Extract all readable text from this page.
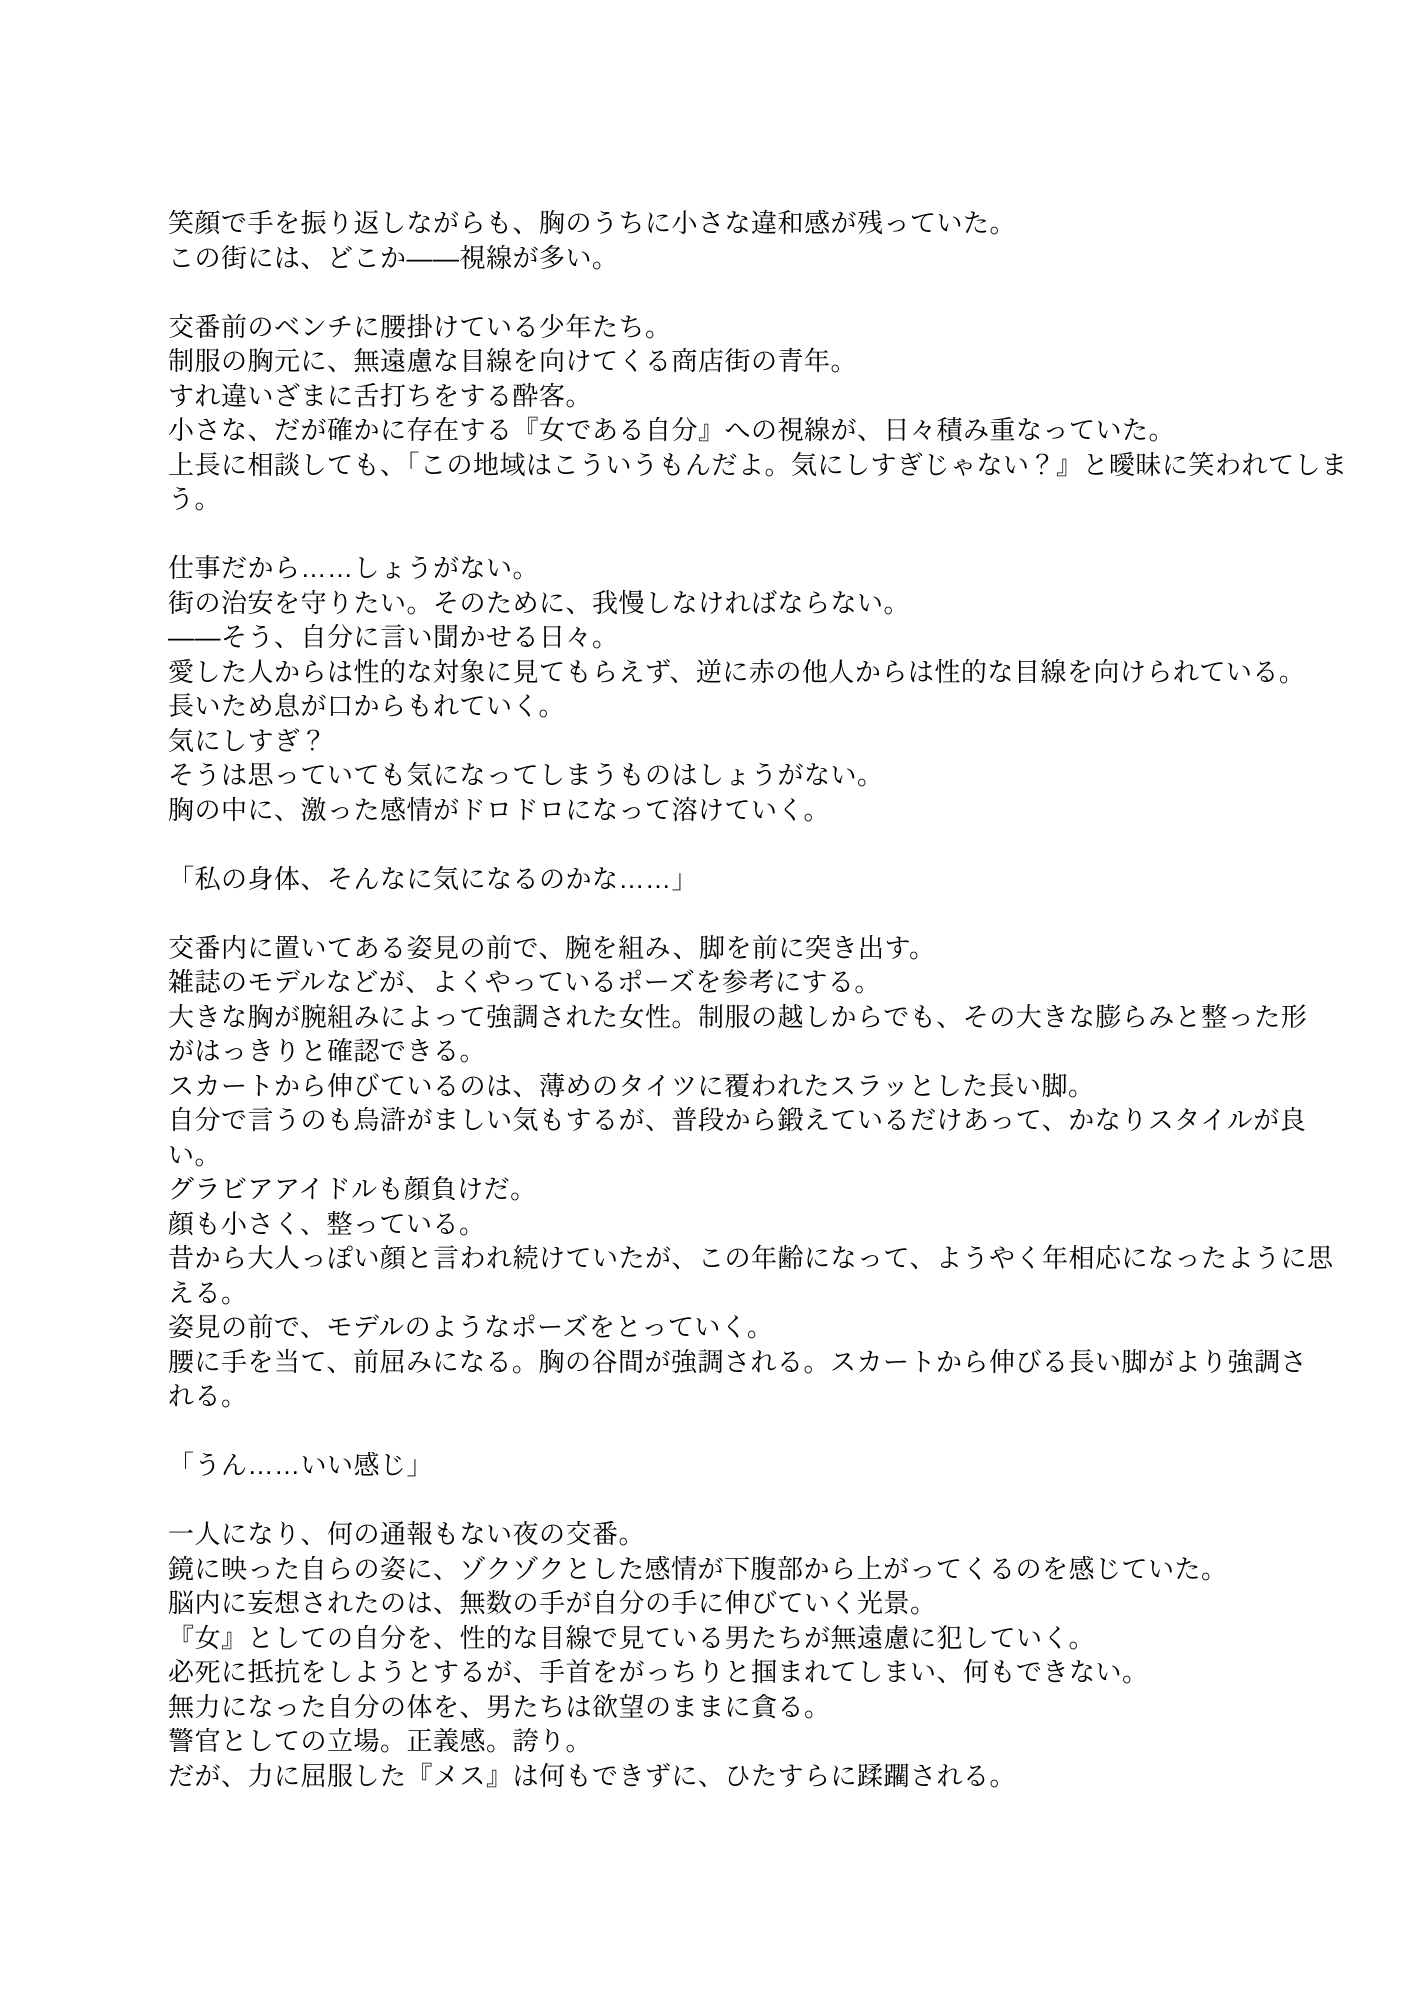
笑顔で手を振り返しながらも、胸のうちに小さな違和感が残っていた。
この街には、どこか――視線が多い。

交番前のベンチに腰掛けている少年たち。
制服の胸元に、無遠慮な目線を向けてくる商店街の青年。
すれ違いざまに舌打ちをする酔客。
小さな、だが確かに存在する『女である自分』への視線が、日々積み重なっていた。
上長に相談しても、「この地域はこういうもんだよ。気にしすぎじゃない？』と曖昧に笑われてしま
う。

仕事だから……しょうがない。
街の治安を守りたい。そのために、我慢しなければならない。
――そう、自分に言い聞かせる日々。
愛した人からは性的な対象に見てもらえず、逆に赤の他人からは性的な目線を向けられている。
長いため息が口からもれていく。
気にしすぎ？
そうは思っていても気になってしまうものはしょうがない。
胸の中に、激った感情がドロドロになって溶けていく。

「私の身体、そんなに気になるのかな……」

交番内に置いてある姿見の前で、腕を組み、脚を前に突き出す。
雑誌のモデルなどが、よくやっているポーズを参考にする。
大きな胸が腕組みによって強調された女性。制服の越しからでも、その大きな膨らみと整った形
がはっきりと確認できる。
スカートから伸びているのは、薄めのタイツに覆われたスラッとした長い脚。
自分で言うのも烏滸がましい気もするが、普段から鍛えているだけあって、かなりスタイルが良
い。
グラビアアイドルも顔負けだ。
顔も小さく、整っている。
昔から大人っぽい顔と言われ続けていたが、この年齢になって、ようやく年相応になったように思
える。
姿見の前で、モデルのようなポーズをとっていく。
腰に手を当て、前屈みになる。胸の谷間が強調される。スカートから伸びる長い脚がより強調さ
れる。

「うん……いい感じ」

一人になり、何の通報もない夜の交番。
鏡に映った自らの姿に、ゾクゾクとした感情が下腹部から上がってくるのを感じていた。
脳内に妄想されたのは、無数の手が自分の手に伸びていく光景。
『女』としての自分を、性的な目線で見ている男たちが無遠慮に犯していく。
必死に抵抗をしようとするが、手首をがっちりと掴まれてしまい、何もできない。
無力になった自分の体を、男たちは欲望のままに貪る。
警官としての立場。正義感。誇り。
だが、力に屈服した『メス』は何もできずに、ひたすらに蹂躙される。
